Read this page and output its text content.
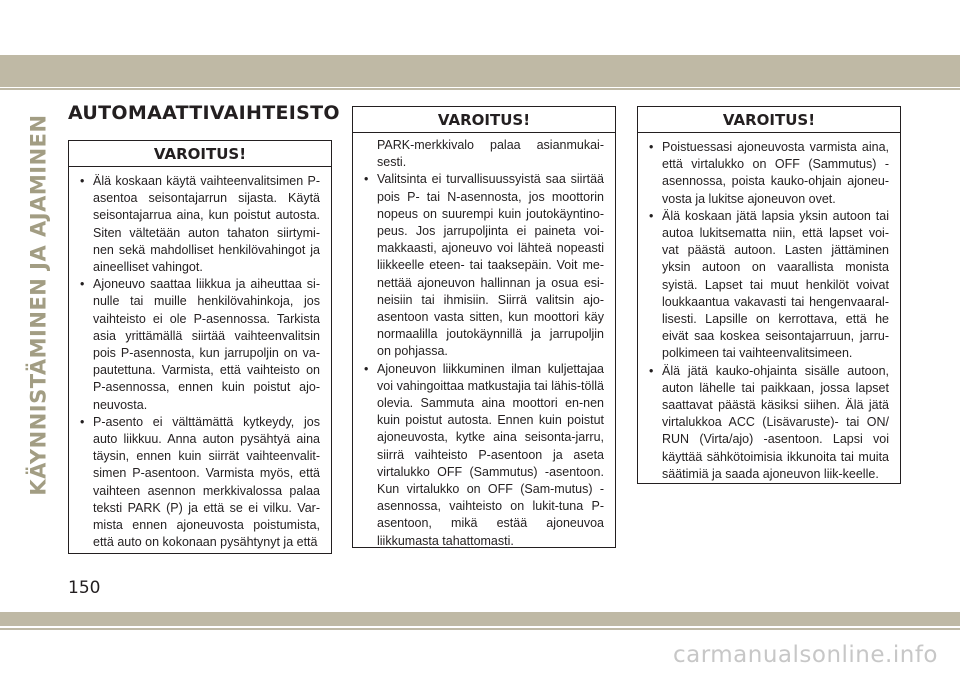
KÄYNNISTÄMINEN JA AJAMINEN
AUTOMAATTIVAIHTEISTO
VAROITUS!
• Älä koskaan käytä vaihteenvalitsimen P-asentoa seisontajarrun sijasta. Käytä seisontajarrua aina, kun poistut autosta. Siten vältetään auton tahaton siirtymi-nen sekä mahdolliset henkilövahingot ja aineelliset vahingot.
• Ajoneuvo saattaa liikkua ja aiheuttaa si-nulle tai muille henkilövahinkoja, jos vaihteisto ei ole P-asennossa. Tarkista asia yrittämällä siirtää vaihteenvalitsin pois P-asennosta, kun jarrupoljin on va-pautettuna. Varmista, että vaihteisto on P-asennossa, ennen kuin poistut ajo-neuvosta.
• P-asento ei välttämättä kytkeydy, jos auto liikkuu. Anna auton pysähtyä aina täysin, ennen kuin siirrät vaihteenvalit-simen P-asentoon. Varmista myös, että vaihteen asennon merkkivalossa palaa teksti PARK (P) ja että se ei vilku. Var-mista ennen ajoneuvosta poistumista, että auto on kokonaan pysähtynyt ja että
VAROITUS!
PARK-merkkivalo palaa asianmukai-sesti.
• Valitsinta ei turvallisuussyistä saa siirtää pois P- tai N-asennosta, jos moottorin nopeus on suurempi kuin joutokäyntino-peus. Jos jarrupoljinta ei paineta voi-makkaasti, ajoneuvo voi lähteä nopeasti liikkeelle eteen- tai taaksepäin. Voit me-nettää ajoneuvon hallinnan ja osua esi-neisiin tai ihmisiin. Siirrä valitsin ajo-asentoon vasta sitten, kun moottori käy normaalilla joutokäynnillä ja jarrupoljin on pohjassa.
• Ajoneuvon liikkuminen ilman kuljettajaa voi vahingoittaa matkustajia tai lähis-töllä olevia. Sammuta aina moottori en-nen kuin poistut autosta. Ennen kuin poistut ajoneuvosta, kytke aina seisonta-jarru, siirrä vaihteisto P-asentoon ja aseta virtalukko OFF (Sammutus) -asentoon. Kun virtalukko on OFF (Sam-mutus) -asennossa, vaihteisto on lukit-tuna P-asentoon, mikä estää ajoneuvoa liikkumasta tahattomasti.
VAROITUS!
• Poistuessasi ajoneuvosta varmista aina, että virtalukko on OFF (Sammutus) -asennossa, poista kauko-ohjain ajoneu-vosta ja lukitse ajoneuvon ovet.
• Älä koskaan jätä lapsia yksin autoon tai autoa lukitsematta niin, että lapset voi-vat päästä autoon. Lasten jättäminen yksin autoon on vaarallista monista syistä. Lapset tai muut henkilöt voivat loukkaantua vakavasti tai hengenvaaral-lisesti. Lapsille on kerrottava, että he eivät saa koskea seisontajarruun, jarru-polkimeen tai vaihteenvalitsimeen.
• Älä jätä kauko-ohjainta sisälle autoon, auton lähelle tai paikkaan, jossa lapset saattavat päästä käsiksi siihen. Älä jätä virtalukkoa ACC (Lisävaruste)- tai ON/ RUN (Virta/ajo) -asentoon. Lapsi voi käyttää sähkötoimisia ikkunoita tai muita säätimiä ja saada ajoneuvon liik-keelle.
150
carmanualsonline.info
